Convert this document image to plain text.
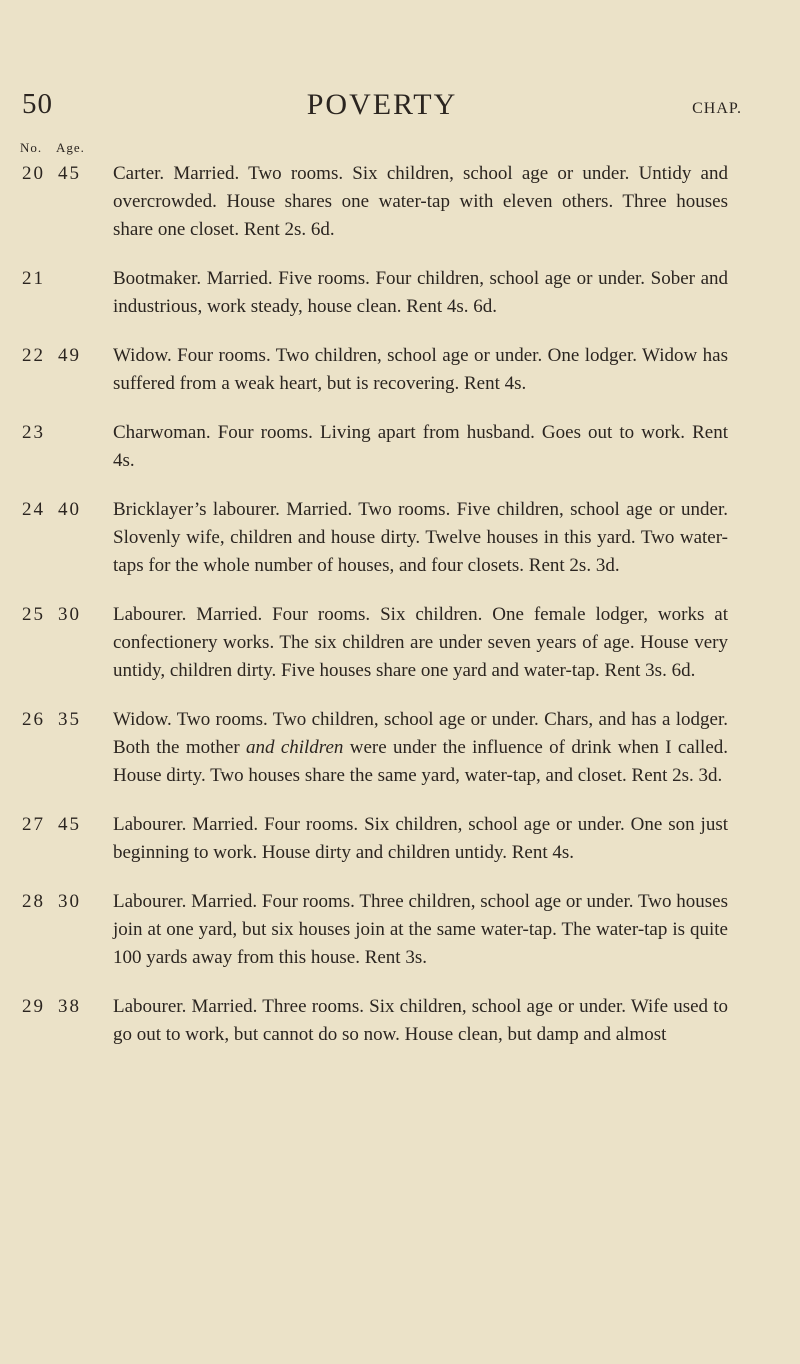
50	POVERTY	CHAP.
No. Age.
20 45 Carter. Married. Two rooms. Six children, school age or under. Untidy and overcrowded. House shares one water-tap with eleven others. Three houses share one closet. Rent 2s. 6d.
21	Bootmaker. Married. Five rooms. Four children, school age or under. Sober and industrious, work steady, house clean. Rent 4s. 6d.
22 49 Widow. Four rooms. Two children, school age or under. One lodger. Widow has suffered from a weak heart, but is recovering. Rent 4s.
23	Charwoman. Four rooms. Living apart from husband. Goes out to work. Rent 4s.
24 40 Bricklayer’s labourer. Married. Two rooms. Five children, school age or under. Slovenly wife, children and house dirty. Twelve houses in this yard. Two water-taps for the whole number of houses, and four closets. Rent 2s. 3d.
25 30 Labourer. Married. Four rooms. Six children. One female lodger, works at confectionery works. The six children are under seven years of age. House very untidy, children dirty. Five houses share one yard and water-tap. Rent 3s. 6d.
26 35 Widow. Two rooms. Two children, school age or under. Chars, and has a lodger. Both the mother and children were under the influence of drink when I called. House dirty. Two houses share the same yard, water-tap, and closet. Rent 2s. 3d.
27 45 Labourer. Married. Four rooms. Six children, school age or under. One son just beginning to work. House dirty and children untidy. Rent 4s.
28 30 Labourer. Married. Four rooms. Three children, school age or under. Two houses join at one yard, but six houses join at the same water-tap. The water-tap is quite 100 yards away from this house. Rent 3s.
29 38 Labourer. Married. Three rooms. Six children, school age or under. Wife used to go out to work, but cannot do so now. House clean, but damp and almost
